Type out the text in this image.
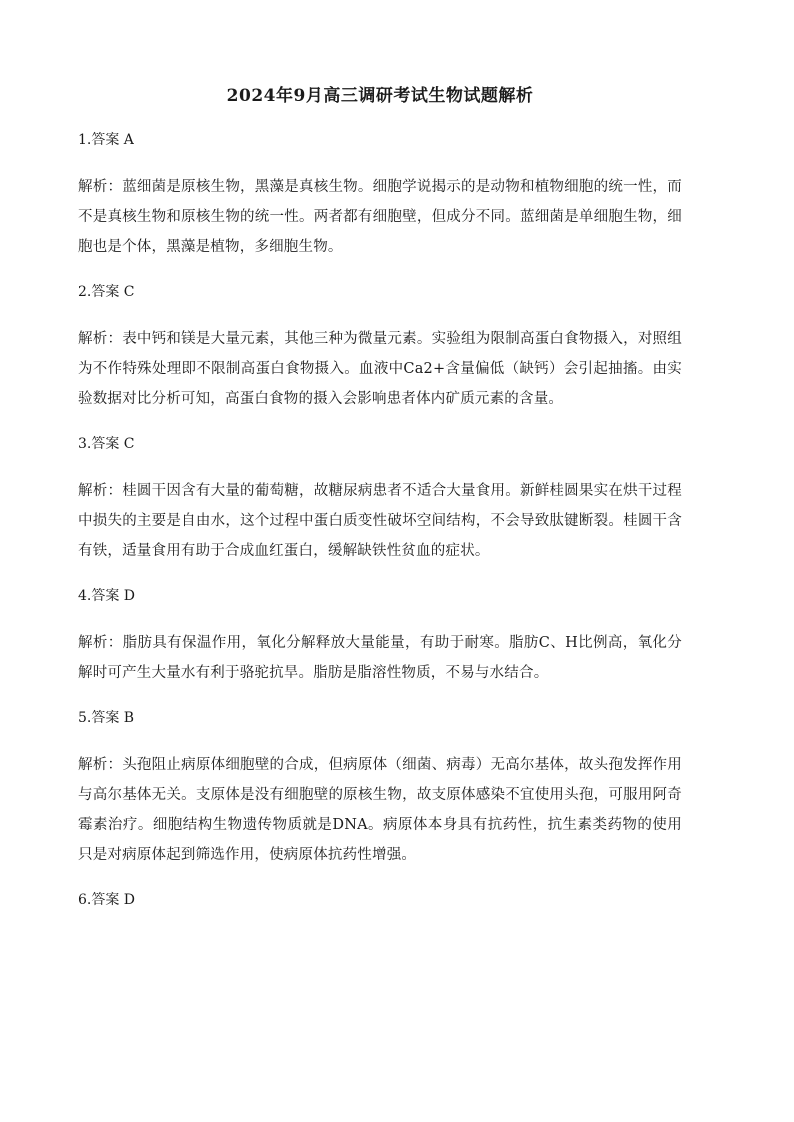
2024年9月高三调研考试生物试题解析
1.答案 A
解析：蓝细菌是原核生物，黑藻是真核生物。细胞学说揭示的是动物和植物细胞的统一性，而不是真核生物和原核生物的统一性。两者都有细胞壁，但成分不同。蓝细菌是单细胞生物，细胞也是个体，黑藻是植物，多细胞生物。
2.答案 C
解析：表中钙和镁是大量元素，其他三种为微量元素。实验组为限制高蛋白食物摄入，对照组为不作特殊处理即不限制高蛋白食物摄入。血液中Ca2+含量偏低（缺钙）会引起抽搐。由实验数据对比分析可知，高蛋白食物的摄入会影响患者体内矿质元素的含量。
3.答案 C
解析：桂圆干因含有大量的葡萄糖，故糖尿病患者不适合大量食用。新鲜桂圆果实在烘干过程中损失的主要是自由水，这个过程中蛋白质变性破坏空间结构，不会导致肽键断裂。桂圆干含有铁，适量食用有助于合成血红蛋白，缓解缺铁性贫血的症状。
4.答案 D
解析：脂肪具有保温作用，氧化分解释放大量能量，有助于耐寒。脂肪C、H比例高，氧化分解时可产生大量水有利于骆驼抗旱。脂肪是脂溶性物质，不易与水结合。
5.答案 B
解析：头孢阻止病原体细胞壁的合成，但病原体（细菌、病毒）无高尔基体，故头孢发挥作用与高尔基体无关。支原体是没有细胞壁的原核生物，故支原体感染不宜使用头孢，可服用阿奇霉素治疗。细胞结构生物遗传物质就是DNA。病原体本身具有抗药性，抗生素类药物的使用只是对病原体起到筛选作用，使病原体抗药性增强。
6.答案 D
